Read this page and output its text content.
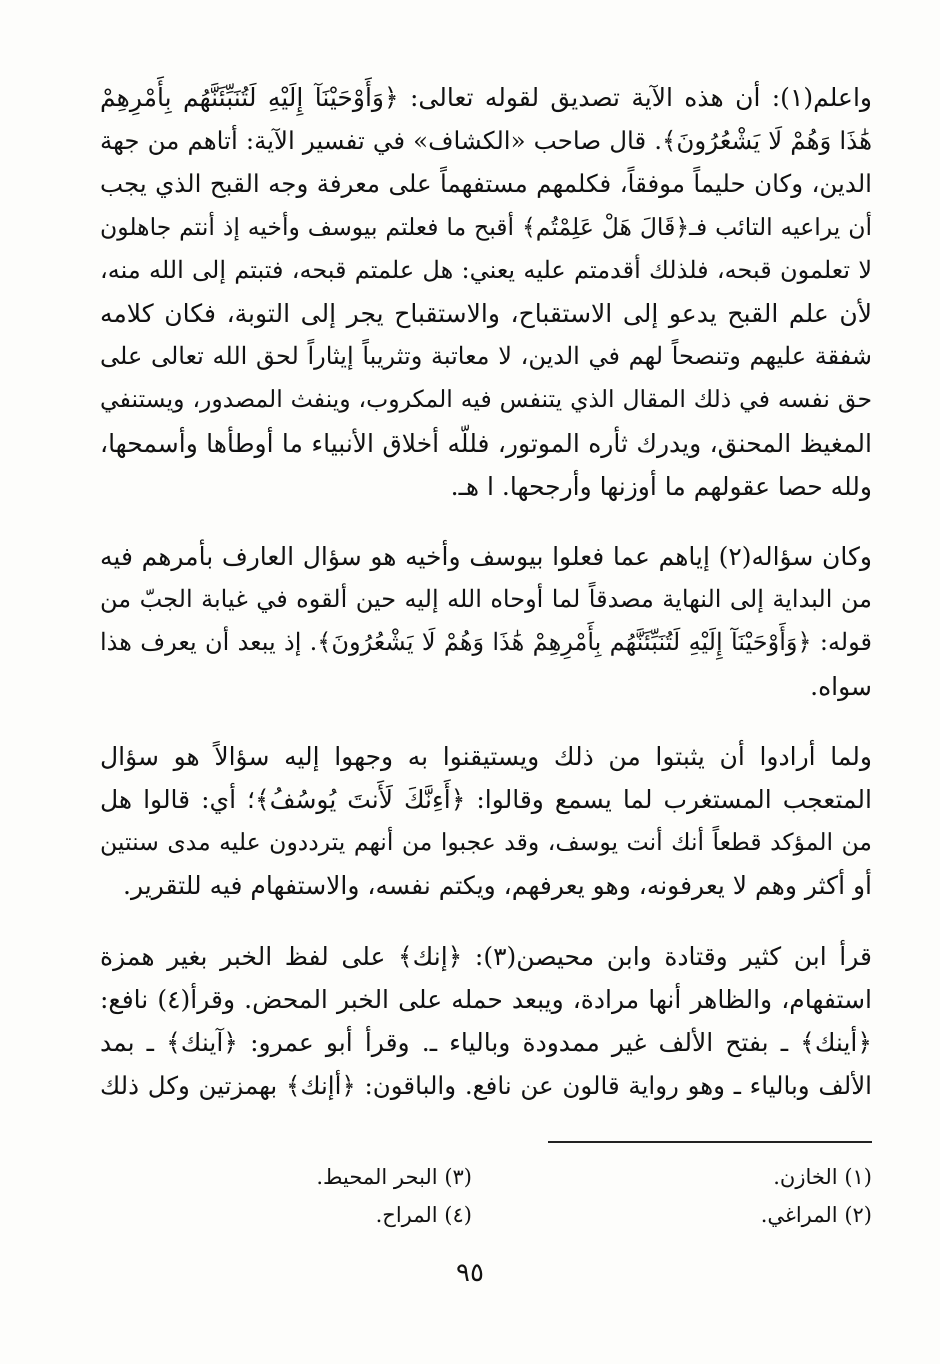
واعلم(١): أن هذه الآية تصديق لقوله تعالى: ﴿وَأَوْحَيْنَآ إِلَيْهِ لَتُنَبِّئَنَّهُم بِأَمْرِهِمْ
هَٰذَا وَهُمْ لَا يَشْعُرُونَ﴾. قال صاحب «الكشاف» في تفسير الآية: أتاهم من جهة
الدين، وكان حليماً موفقاً، فكلمهم مستفهماً على معرفة وجه القبح الذي يجب
أن يراعيه التائب فـ﴿قَالَ هَلْ عَلِمْتُم﴾ أقبح ما فعلتم بيوسف وأخيه إذ أنتم جاهلون
لا تعلمون قبحه، فلذلك أقدمتم عليه يعني: هل علمتم قبحه، فتبتم إلى الله منه،
لأن علم القبح يدعو إلى الاستقباح، والاستقباح يجر إلى التوبة، فكان كلامه
شفقة عليهم وتنصحاً لهم في الدين، لا معاتبة وتثريباً إيثاراً لحق الله تعالى على
حق نفسه في ذلك المقال الذي يتنفس فيه المكروب، وينفث المصدور، ويستنفي
المغيظ المحنق، ويدرك ثأره الموتور، فللّه أخلاق الأنبياء ما أوطأها وأسمحها،
ولله حصا عقولهم ما أوزنها وأرجحها. ا هـ.

وكان سؤاله(٢) إياهم عما فعلوا بيوسف وأخيه هو سؤال العارف بأمرهم فيه
من البداية إلى النهاية مصدقاً لما أوحاه الله إليه حين ألقوه في غيابة الجبّ من
قوله: ﴿وَأَوْحَيْنَآ إِلَيْهِ لَتُنَبِّئَنَّهُم بِأَمْرِهِمْ هَٰذَا وَهُمْ لَا يَشْعُرُونَ﴾. إذ يبعد أن يعرف هذا
سواه.

ولما أرادوا أن يثبتوا من ذلك ويستيقنوا به وجهوا إليه سؤالاً هو سؤال
المتعجب المستغرب لما يسمع وقالوا: ﴿أَءِنَّكَ لَأَنتَ يُوسُفُ﴾؛ أي: قالوا هل
من المؤكد قطعاً أنك أنت يوسف، وقد عجبوا من أنهم يترددون عليه مدى سنتين
أو أكثر وهم لا يعرفونه، وهو يعرفهم، ويكتم نفسه، والاستفهام فيه للتقرير.

قرأ ابن كثير وقتادة وابن محيصن(٣): ﴿إنك﴾ على لفظ الخبر بغير همزة
استفهام، والظاهر أنها مرادة، ويبعد حمله على الخبر المحض. وقرأ(٤) نافع:
﴿أينك﴾ ـ بفتح الألف غير ممدودة وبالياء ـ. وقرأ أبو عمرو: ﴿آينك﴾ ـ بمد
الألف وبالياء ـ وهو رواية قالون عن نافع. والباقون: ﴿أإنك﴾ بهمزتين وكل ذلك

(١) الخازن.
(٢) المراغي.
(٣) البحر المحيط.
(٤) المراح.
٩٥
